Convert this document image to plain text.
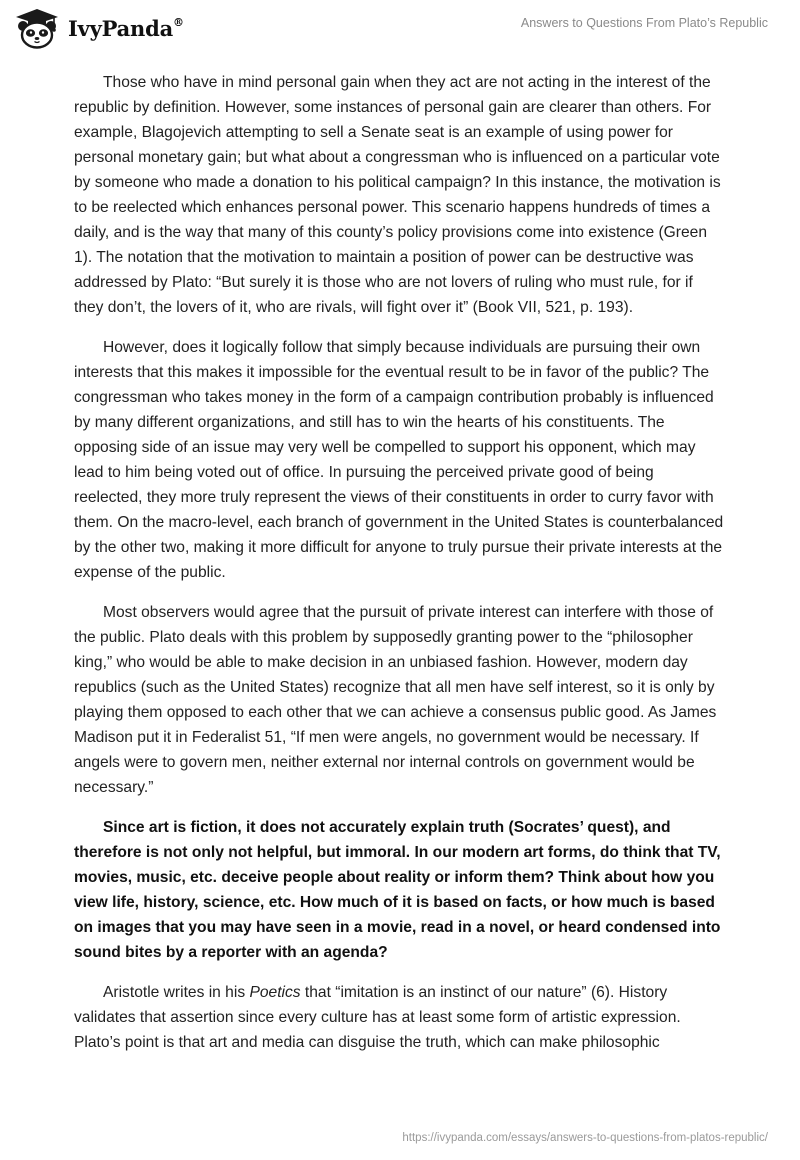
IvyPanda®	Answers to Questions From Plato’s Republic

Those who have in mind personal gain when they act are not acting in the interest of the republic by definition. However, some instances of personal gain are clearer than others. For example, Blagojevich attempting to sell a Senate seat is an example of using power for personal monetary gain; but what about a congressman who is influenced on a particular vote by someone who made a donation to his political campaign? In this instance, the motivation is to be reelected which enhances personal power. This scenario happens hundreds of times a daily, and is the way that many of this county’s policy provisions come into existence (Green 1). The notation that the motivation to maintain a position of power can be destructive was addressed by Plato: “But surely it is those who are not lovers of ruling who must rule, for if they don’t, the lovers of it, who are rivals, will fight over it” (Book VII, 521, p. 193).

However, does it logically follow that simply because individuals are pursuing their own interests that this makes it impossible for the eventual result to be in favor of the public? The congressman who takes money in the form of a campaign contribution probably is influenced by many different organizations, and still has to win the hearts of his constituents. The opposing side of an issue may very well be compelled to support his opponent, which may lead to him being voted out of office. In pursuing the perceived private good of being reelected, they more truly represent the views of their constituents in order to curry favor with them. On the macro-level, each branch of government in the United States is counterbalanced by the other two, making it more difficult for anyone to truly pursue their private interests at the expense of the public.

Most observers would agree that the pursuit of private interest can interfere with those of the public. Plato deals with this problem by supposedly granting power to the “philosopher king,” who would be able to make decision in an unbiased fashion. However, modern day republics (such as the United States) recognize that all men have self interest, so it is only by playing them opposed to each other that we can achieve a consensus public good. As James Madison put it in Federalist 51, “If men were angels, no government would be necessary. If angels were to govern men, neither external nor internal controls on government would be necessary.”

Since art is fiction, it does not accurately explain truth (Socrates’ quest), and therefore is not only not helpful, but immoral. In our modern art forms, do think that TV, movies, music, etc. deceive people about reality or inform them? Think about how you view life, history, science, etc. How much of it is based on facts, or how much is based on images that you may have seen in a movie, read in a novel, or heard condensed into sound bites by a reporter with an agenda?

Aristotle writes in his Poetics that “imitation is an instinct of our nature” (6). History validates that assertion since every culture has at least some form of artistic expression. Plato’s point is that art and media can disguise the truth, which can make philosophic

https://ivypanda.com/essays/answers-to-questions-from-platos-republic/
